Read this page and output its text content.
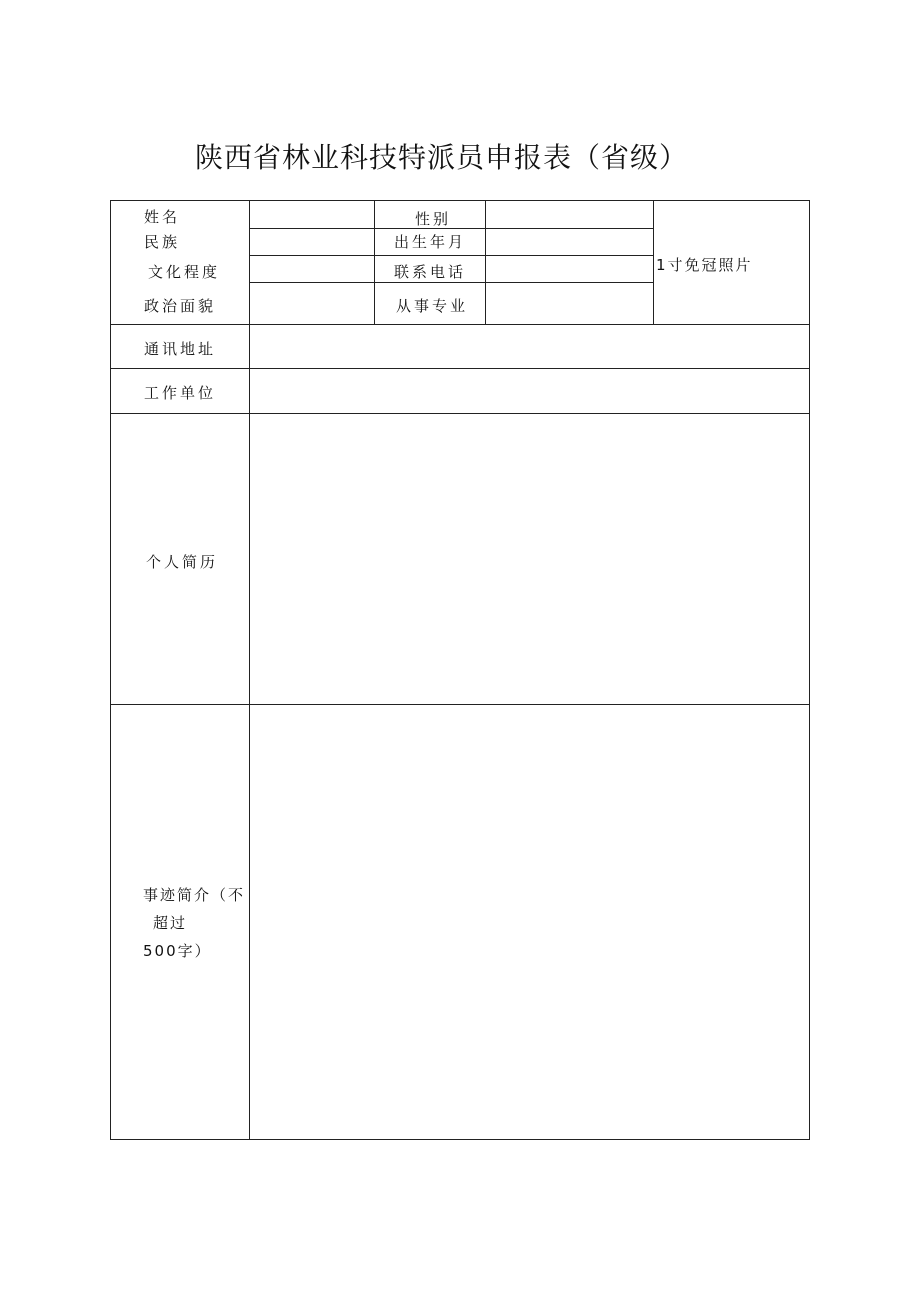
陕西省林业科技特派员申报表（省级）
姓名
民族
文化程度
政治面貌
性别
出生年月
联系电话
从事专业
1寸免冠照片
通讯地址
工作单位
个人简历
事迹简介（不
超过
500字）
